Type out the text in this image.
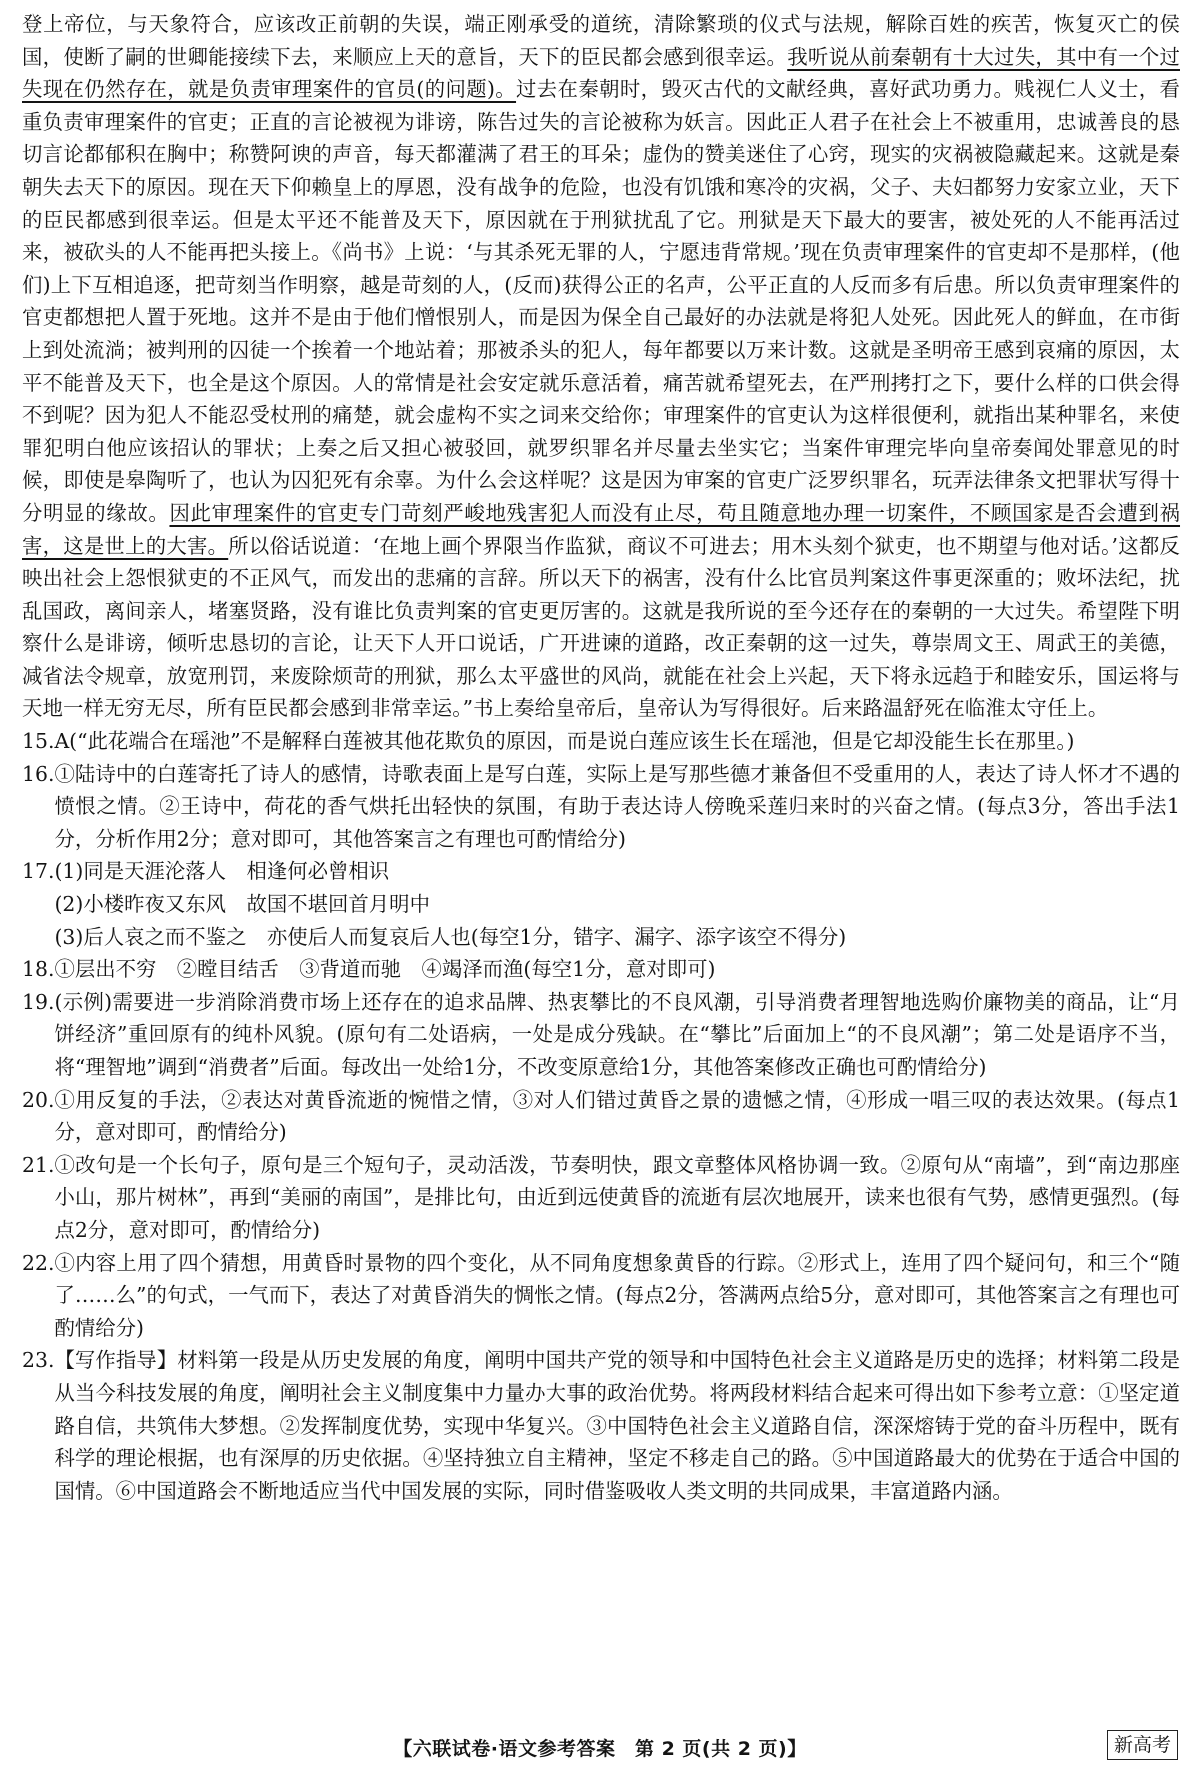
登上帝位，与天象符合，应该改正前朝的失误，端正刚承受的道统，清除繁琐的仪式与法规，解除百姓的疾苦，恢复灭亡的侯国，使断了嗣的世卿能接续下去，来顺应上天的意旨，天下的臣民都会感到很幸运。我听说从前秦朝有十大过失，其中有一个过失现在仍然存在，就是负责审理案件的官员(的问题)。过去在秦朝时，毁灭古代的文献经典，喜好武功勇力。贱视仁人义士，看重负责审理案件的官吏；正直的言论被视为诽谤，陈告过失的言论被称为妖言。因此正人君子在社会上不被重用，忠诚善良的恳切言论都郁积在胸中；称赞阿谀的声音，每天都灌满了君王的耳朵；虚伪的赞美迷住了心窍，现实的灾祸被隐藏起来。这就是秦朝失去天下的原因。现在天下仰赖皇上的厚恩，没有战争的危险，也没有饥饿和寒冷的灾祸，父子、夫妇都努力安家立业，天下的臣民都感到很幸运。但是太平还不能普及天下，原因就在于刑狱扰乱了它。刑狱是天下最大的要害，被处死的人不能再活过来，被砍头的人不能再把头接上。《尚书》上说：‘与其杀死无罪的人，宁愿违背常规。’现在负责审理案件的官吏却不是那样，(他们)上下互相追逐，把苛刻当作明察，越是苛刻的人，(反而)获得公正的名声，公平正直的人反而多有后患。所以负责审理案件的官吏都想把人置于死地。这并不是由于他们憎恨别人，而是因为保全自己最好的办法就是将犯人处死。因此死人的鲜血，在市街上到处流淌；被判刑的囚徒一个挨着一个地站着；那被杀头的犯人，每年都要以万来计数。这就是圣明帝王感到哀痛的原因，太平不能普及天下，也全是这个原因。人的常情是社会安定就乐意活着，痛苦就希望死去，在严刑拷打之下，要什么样的口供会得不到呢？因为犯人不能忍受杖刑的痛楚，就会虚构不实之词来交给你；审理案件的官吏认为这样很便利，就指出某种罪名，来使罪犯明白他应该招认的罪状；上奏之后又担心被驳回，就罗织罪名并尽量去坐实它；当案件审理完毕向皇帝奏闻处罪意见的时候，即使是皋陶听了，也认为囚犯死有余辜。为什么会这样呢？这是因为审案的官吏广泛罗织罪名，玩弄法律条文把罪状写得十分明显的缘故。因此审理案件的官吏专门苛刻严峻地残害犯人而没有止尽，苟且随意地办理一切案件，不顾国家是否会遭到祸害，这是世上的大害。所以俗话说道：‘在地上画个界限当作监狱，商议不可进去；用木头刻个狱吏，也不期望与他对话。’这都反映出社会上怨恨狱吏的不正风气，而发出的悲痛的言辞。所以天下的祸害，没有什么比官员判案这件事更深重的；败坏法纪，扰乱国政，离间亲人，堵塞贤路，没有谁比负责判案的官吏更厉害的。这就是我所说的至今还存在的秦朝的一大过失。希望陛下明察什么是诽谤，倾听忠恳切的言论，让天下人开口说话，广开进谏的道路，改正秦朝的这一过失，尊崇周文王、周武王的美德，减省法令规章，放宽刑罚，来废除烦苛的刑狱，那么太平盛世的风尚，就能在社会上兴起，天下将永远趋于和睦安乐，国运将与天地一样无穷无尽，所有臣民都会感到非常幸运。”书上奏给皇帝后，皇帝认为写得很好。后来路温舒死在临淮太守任上。

15. A(“此花端合在瑶池”不是解释白莲被其他花欺负的原因，而是说白莲应该生长在瑶池，但是它却没能生长在那里。)
16. ①陆诗中的白莲寄托了诗人的感情，诗歌表面上是写白莲，实际上是写那些德才兼备但不受重用的人，表达了诗人怀才不遇的愤恨之情。②王诗中，荷花的香气烘托出轻快的氛围，有助于表达诗人傍晚采莲归来时的兴奋之情。(每点3分，答出手法1分，分析作用2分；意对即可，其他答案言之有理也可酌情给分)
17. (1)同是天涯沦落人　相逢何必曾相识
(2)小楼昨夜又东风　故国不堪回首月明中
(3)后人哀之而不鉴之　亦使后人而复哀后人也(每空1分，错字、漏字、添字该空不得分)
18. ①层出不穷　②瞠目结舌　③背道而驰　④竭泽而渔(每空1分，意对即可)
19. (示例)需要进一步消除消费市场上还存在的追求品牌、热衷攀比的不良风潮，引导消费者理智地选购价廉物美的商品，让“月饼经济”重回原有的纯朴风貌。(原句有二处语病，一处是成分残缺。在“攀比”后面加上“的不良风潮”；第二处是语序不当，将“理智地”调到“消费者”后面。每改出一处给1分，不改变原意给1分，其他答案修改正确也可酌情给分)
20. ①用反复的手法，②表达对黄昏流逝的惋惜之情，③对人们错过黄昏之景的遗憾之情，④形成一唱三叹的表达效果。(每点1分，意对即可，酌情给分)
21. ①改句是一个长句子，原句是三个短句子，灵动活泼，节奏明快，跟文章整体风格协调一致。②原句从“南墙”，到“南边那座小山，那片树林”，再到“美丽的南国”，是排比句，由近到远使黄昏的流逝有层次地展开，读来也很有气势，感情更强烈。(每点2分，意对即可，酌情给分)
22. ①内容上用了四个猜想，用黄昏时景物的四个变化，从不同角度想象黄昏的行踪。②形式上，连用了四个疑问句，和三个“随了……么”的句式，一气而下，表达了对黄昏消失的惆怅之情。(每点2分，答满两点给5分，意对即可，其他答案言之有理也可酌情给分)
23. 【写作指导】材料第一段是从历史发展的角度，阐明中国共产党的领导和中国特色社会主义道路是历史的选择；材料第二段是从当今科技发展的角度，阐明社会主义制度集中力量办大事的政治优势。将两段材料结合起来可得出如下参考立意：①坚定道路自信，共筑伟大梦想。②发挥制度优势，实现中华复兴。③中国特色社会主义道路自信，深深熔铸于党的奋斗历程中，既有科学的理论根据，也有深厚的历史依据。④坚持独立自主精神，坚定不移走自己的路。⑤中国道路最大的优势在于适合中国的国情。⑥中国道路会不断地适应当代中国发展的实际，同时借鉴吸收人类文明的共同成果，丰富道路内涵。
【六联试卷·语文参考答案　第 2 页(共 2 页)】	新高考
